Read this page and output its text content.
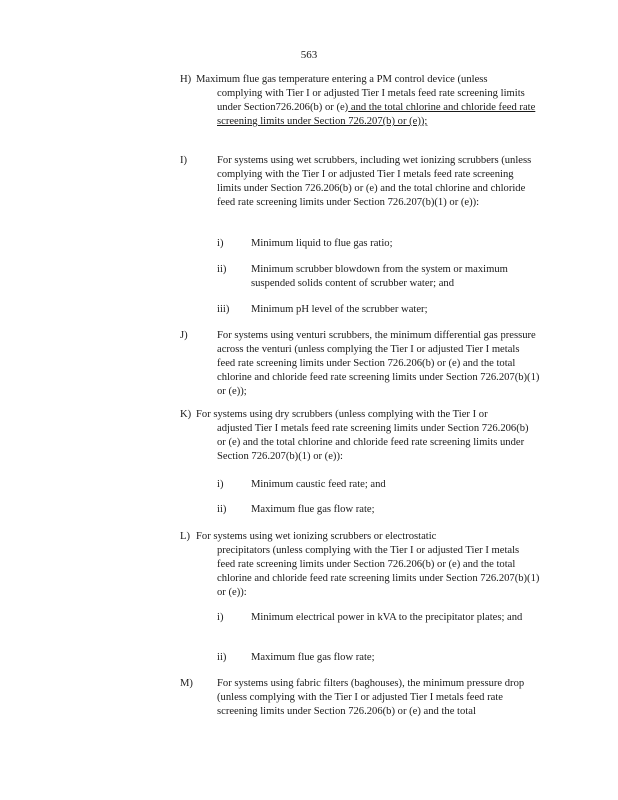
563
H) Maximum flue gas temperature entering a PM control device (unless
complying with Tier I or adjusted Tier I metals feed rate screening limits under Section726.206(b) or (e) and the total chlorine and chloride feed rate screening limits under Section 726.207(b) or (e));
I)	For systems using wet scrubbers, including wet ionizing scrubbers (unless complying with the Tier I or adjusted Tier I metals feed rate screening limits under Section 726.206(b) or (e) and the total chlorine and chloride feed rate screening limits under Section 726.207(b)(1) or (e)):
i)	Minimum liquid to flue gas ratio;
ii) Minimum scrubber blowdown from the system or maximum suspended solids content of scrubber water; and
iii) Minimum pH level of the scrubber water;
J)	For systems using venturi scrubbers, the minimum differential gas pressure across the venturi (unless complying the Tier I or adjusted Tier I metals feed rate screening limits under Section 726.206(b) or (e) and the total chlorine and chloride feed rate screening limits under Section 726.207(b)(1) or (e));
K) For systems using dry scrubbers (unless complying with the Tier I or
adjusted Tier I metals feed rate screening limits under Section 726.206(b) or (e) and the total chlorine and chloride feed rate screening limits under Section 726.207(b)(1) or (e)):
i)	Minimum caustic feed rate; and
ii) Maximum flue gas flow rate;
L) For systems using wet ionizing scrubbers or electrostatic
precipitators (unless complying with the Tier I or adjusted Tier I metals feed rate screening limits under Section 726.206(b) or (e) and the total chlorine and chloride feed rate screening limits under Section 726.207(b)(1) or (e)):
i)	Minimum electrical power in kVA to the precipitator plates; and
ii) Maximum flue gas flow rate;
M) For systems using fabric filters (baghouses), the minimum pressure drop (unless complying with the Tier I or adjusted Tier I metals feed rate screening limits under Section 726.206(b) or (e) and the total
